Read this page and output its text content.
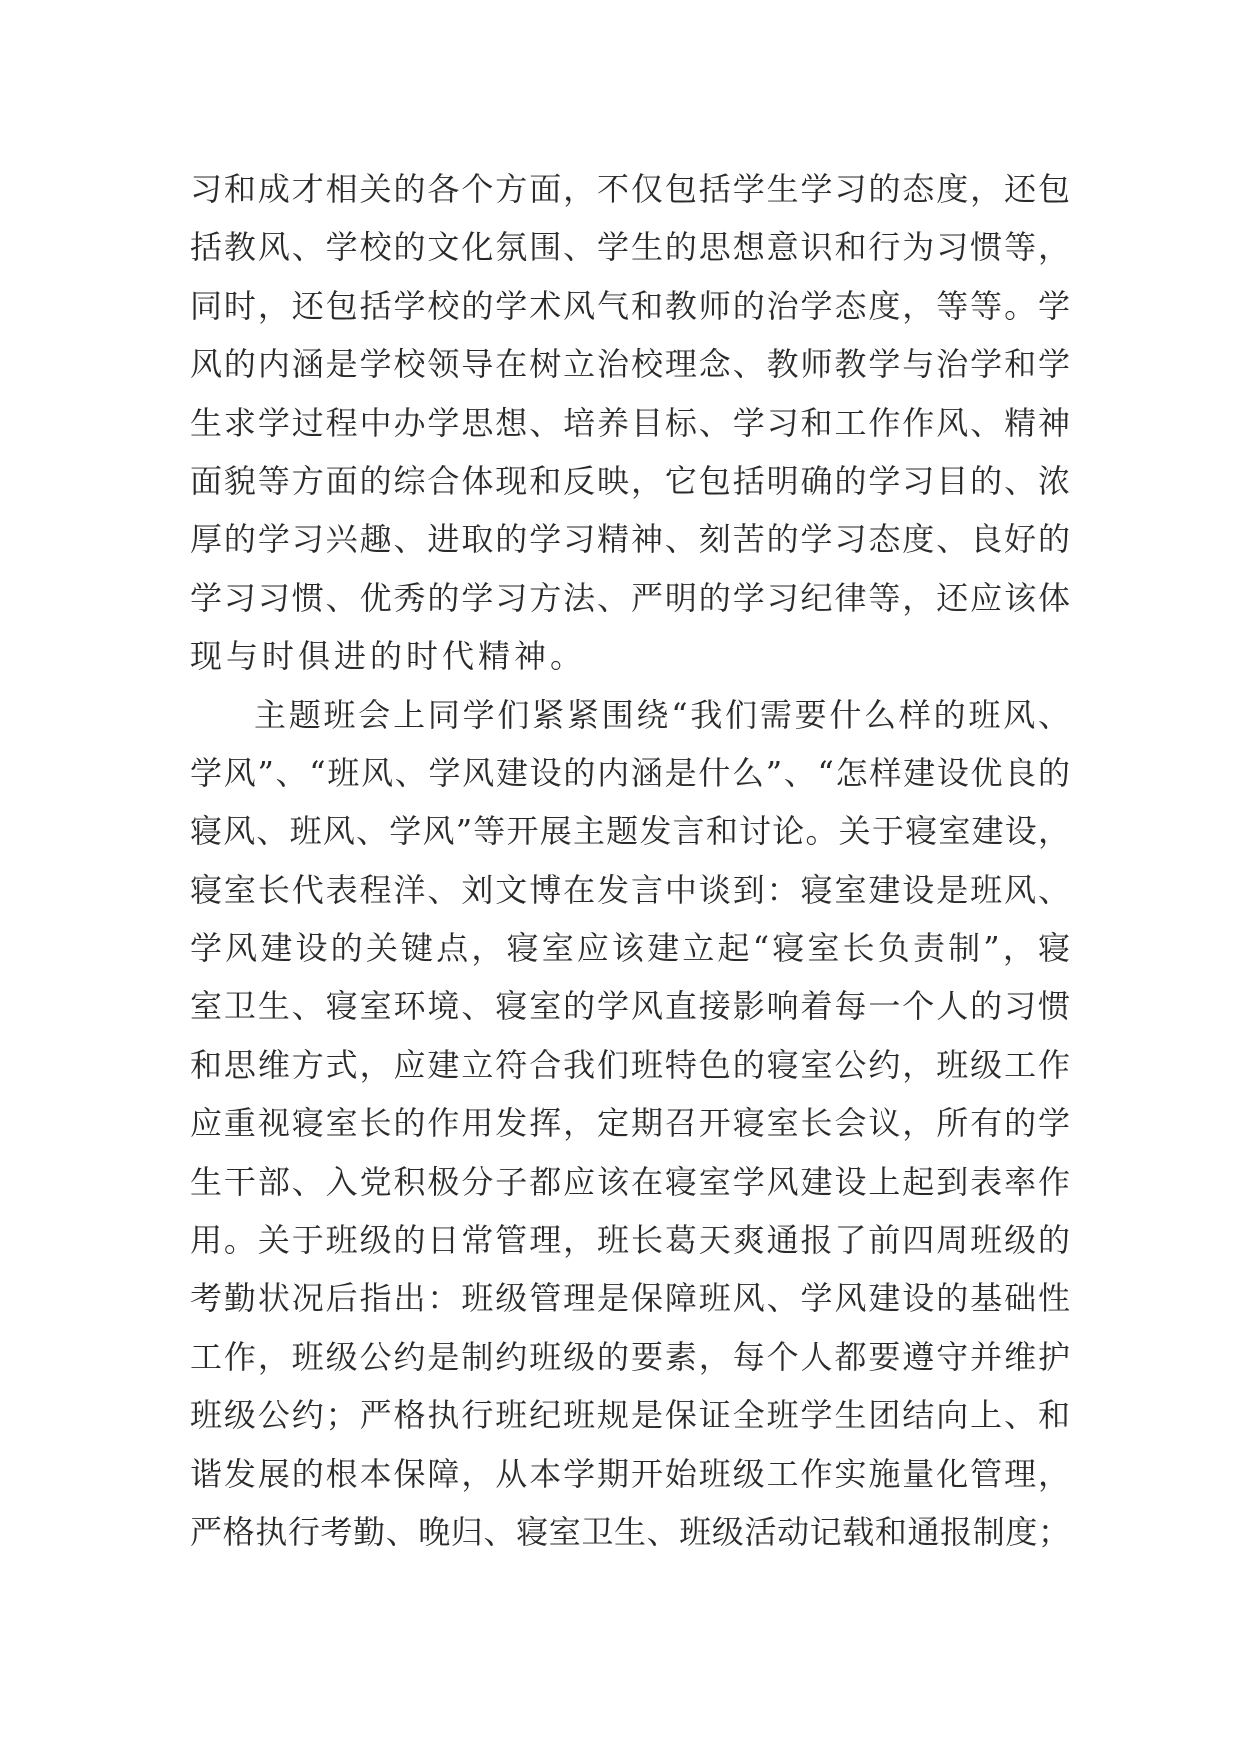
习和成才相关的各个方面，不仅包括学生学习的态度，还包
括教风、学校的文化氛围、学生的思想意识和行为习惯等，
同时，还包括学校的学术风气和教师的治学态度，等等。学
风的内涵是学校领导在树立治校理念、教师教学与治学和学
生求学过程中办学思想、培养目标、学习和工作作风、精神
面貌等方面的综合体现和反映，它包括明确的学习目的、浓
厚的学习兴趣、进取的学习精神、刻苦的学习态度、良好的
学习习惯、优秀的学习方法、严明的学习纪律等，还应该体
现与时俱进的时代精神。
主题班会上同学们紧紧围绕“我们需要什么样的班风、
学风”、“班风、学风建设的内涵是什么”、“怎样建设优良的
寝风、班风、学风”等开展主题发言和讨论。关于寝室建设，
寝室长代表程洋、刘文博在发言中谈到：寝室建设是班风、
学风建设的关键点，寝室应该建立起“寝室长负责制”，寝
室卫生、寝室环境、寝室的学风直接影响着每一个人的习惯
和思维方式，应建立符合我们班特色的寝室公约，班级工作
应重视寝室长的作用发挥，定期召开寝室长会议，所有的学
生干部、入党积极分子都应该在寝室学风建设上起到表率作
用。关于班级的日常管理，班长葛天爽通报了前四周班级的
考勤状况后指出：班级管理是保障班风、学风建设的基础性
工作，班级公约是制约班级的要素，每个人都要遵守并维护
班级公约；严格执行班纪班规是保证全班学生团结向上、和
谐发展的根本保障，从本学期开始班级工作实施量化管理，
严格执行考勤、晚归、寝室卫生、班级活动记载和通报制度；
